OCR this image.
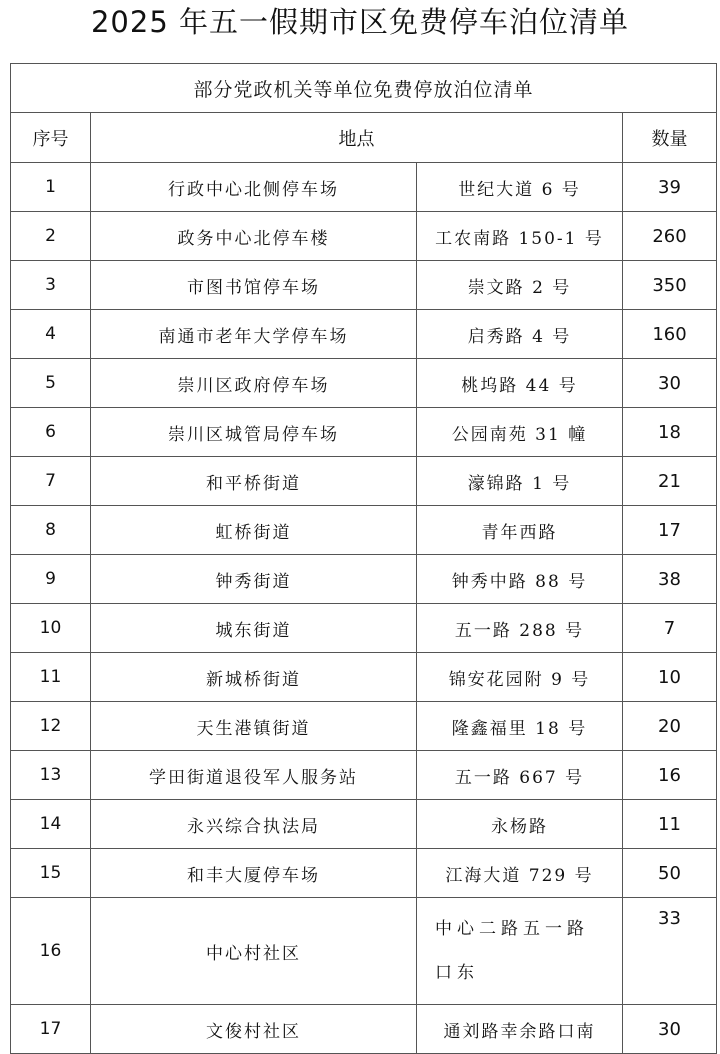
2025 年五一假期市区免费停车泊位清单
部分党政机关等单位免费停放泊位清单			
序号	地点		数量
1	行政中心北侧停车场	世纪大道 6 号	39
2	政务中心北停车楼	工农南路 150-1 号	260
3	市图书馆停车场	崇文路 2 号	350
4	南通市老年大学停车场	启秀路 4 号	160
5	崇川区政府停车场	桃坞路 44 号	30
6	崇川区城管局停车场	公园南苑 31 幢	18
7	和平桥街道	濠锦路 1 号	21
8	虹桥街道	青年西路	17
9	钟秀街道	钟秀中路 88 号	38
10	城东街道	五一路 288 号	7
11	新城桥街道	锦安花园附 9 号	10
12	天生港镇街道	隆鑫福里 18 号	20
13	学田街道退役军人服务站	五一路 667 号	16
14	永兴综合执法局	永杨路	11
15	和丰大厦停车场	江海大道 729 号	50
16	中心村社区	中心二路五一路口东	33
17	文俊村社区	通刘路幸余路口南	30
